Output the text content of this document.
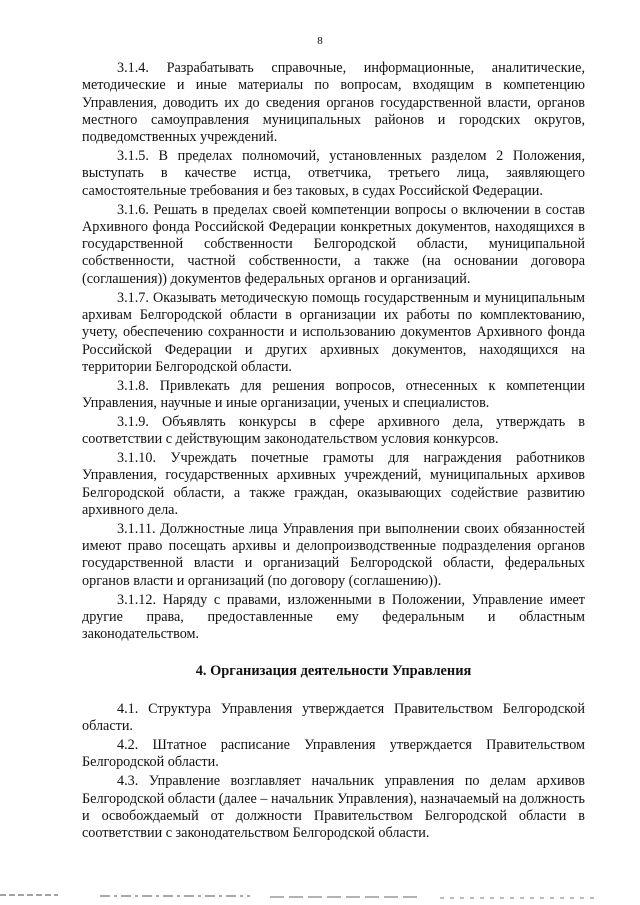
8

3.1.4. Разрабатывать справочные, информационные, аналитические, методические и иные материалы по вопросам, входящим в компетенцию Управления, доводить их до сведения органов государственной власти, органов местного самоуправления муниципальных районов и городских округов, подведомственных учреждений.

3.1.5. В пределах полномочий, установленных разделом 2 Положения, выступать в качестве истца, ответчика, третьего лица, заявляющего самостоятельные требования и без таковых, в судах Российской Федерации.

3.1.6. Решать в пределах своей компетенции вопросы о включении в состав Архивного фонда Российской Федерации конкретных документов, находящихся в государственной собственности Белгородской области, муниципальной собственности, частной собственности, а также (на основании договора (соглашения)) документов федеральных органов и организаций.

3.1.7. Оказывать методическую помощь государственным и муниципальным архивам Белгородской области в организации их работы по комплектованию, учету, обеспечению сохранности и использованию документов Архивного фонда Российской Федерации и других архивных документов, находящихся на территории Белгородской области.

3.1.8. Привлекать для решения вопросов, отнесенных к компетенции Управления, научные и иные организации, ученых и специалистов.

3.1.9. Объявлять конкурсы в сфере архивного дела, утверждать в соответствии с действующим законодательством условия конкурсов.

3.1.10. Учреждать почетные грамоты для награждения работников Управления, государственных архивных учреждений, муниципальных архивов Белгородской области, а также граждан, оказывающих содействие развитию архивного дела.

3.1.11. Должностные лица Управления при выполнении своих обязанностей имеют право посещать архивы и делопроизводственные подразделения органов государственной власти и организаций Белгородской области, федеральных органов власти и организаций (по договору (соглашению)).

3.1.12. Наряду с правами, изложенными в Положении, Управление имеет другие права, предоставленные ему федеральным и областным законодательством.

4. Организация деятельности Управления

4.1. Структура Управления утверждается Правительством Белгородской области.

4.2. Штатное расписание Управления утверждается Правительством Белгородской области.

4.3. Управление возглавляет начальник управления по делам архивов Белгородской области (далее – начальник Управления), назначаемый на должность и освобождаемый от должности Правительством Белгородской области в соответствии с законодательством Белгородской области.
